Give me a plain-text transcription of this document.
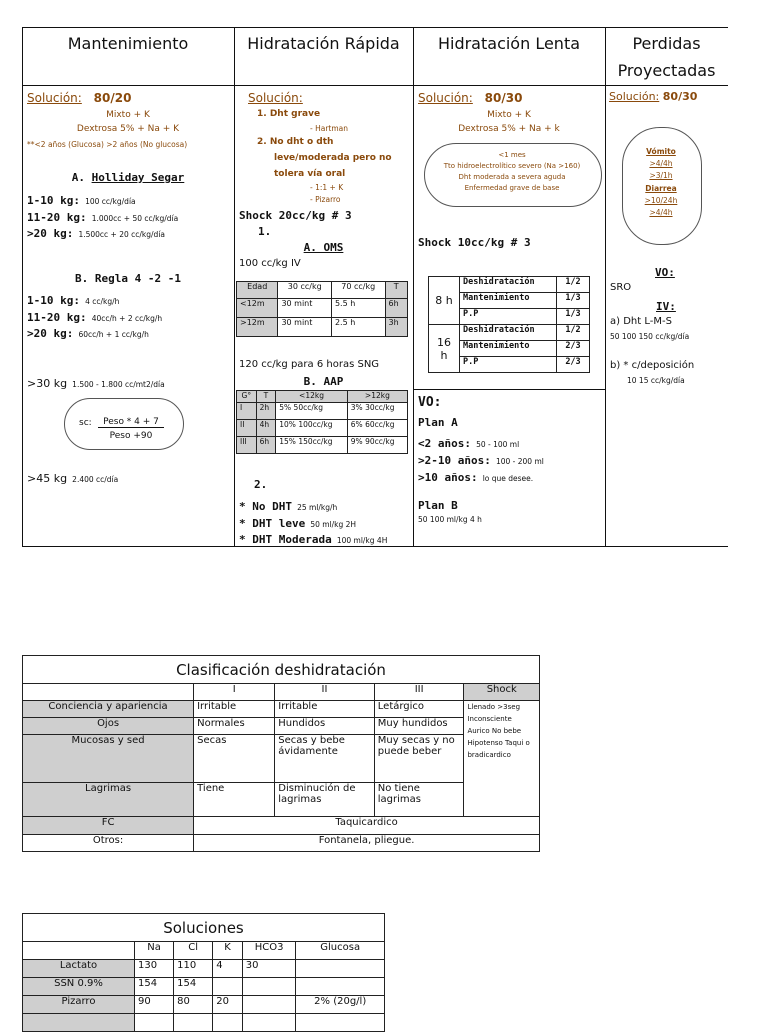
Mantenimiento	Hidratación Rápida	Hidratación Lenta	Perdidas
Proyectadas
Solución: 80/20
Mixto + K
Dextrosa 5% + Na + K
**<2 años (Glucosa) >2 años (No glucosa)
A. Holliday Segar
1-10 kg: 100 cc/kg/día
11-20 kg: 1.000cc + 50 cc/kg/día
>20 kg: 1.500cc + 20 cc/kg/día
B. Regla 4 -2 -1
1-10 kg: 4 cc/kg/h
11-20 kg: 40cc/h + 2 cc/kg/h
>20 kg: 60cc/h + 1 cc/kg/h
>30 kg 1.500 - 1.800 cc/mt2/día
sc:	Peso * 4 + 7
Peso +90
>45 kg 2.400 cc/día
Solución:
1. Dht grave
- Hartman
2. No dht o dth
leve/moderada pero no
tolera vía oral
- 1:1 + K
- Pizarro
Shock 20cc/kg # 3
1.
A. OMS
100 cc/kg IV
Edad	30 cc/kg	70 cc/kg	T
<12m	30 mint	5.5 h	6h
>12m	30 mint	2.5 h	3h
120 cc/kg para 6 horas SNG
B. AAP
G°	T	<12kg	>12kg
I	2h	5% 50cc/kg	3% 30cc/kg
II	4h	10% 100cc/kg	6% 60cc/kg
III	6h	15% 150cc/kg	9% 90cc/kg
2.
* No DHT 25 ml/kg/h
* DHT leve 50 ml/kg 2H
* DHT Moderada 100 ml/kg 4H
Solución: 80/30
Mixto + K
Dextrosa 5% + Na + k
<1 mes
Tto hidroelectrolítico severo (Na >160)
Dht moderada a severa aguda
Enfermedad grave de base
Shock 10cc/kg # 3
8 h	Deshidratación	1/2
	Mantenimiento	1/3
	P.P	1/3
16 h	Deshidratación	1/2
	Mantenimiento	2/3
	P.P	2/3
VO:
Plan A
<2 años: 50 - 100 ml
>2-10 años: 100 - 200 ml
>10 años: lo que desee.
Plan B
50 100 ml/kg 4 h
Solución: 80/30
Vómito
>4/4h
>3/1h
Diarrea
>10/24h
>4/4h
VO:
SRO
IV:
a) Dht L-M-S
50 100 150 cc/kg/día
b) * c/deposición
10 15 cc/kg/día
Clasificación deshidratación				
	I	II	III	Shock
Conciencia y apariencia	Irritable	Irritable	Letárgico	Llenado >3seg Inconsciente Aurico No bebe Hipotenso Taqui o bradicardico
Ojos	Normales	Hundidos	Muy hundidos	
Mucosas y sed	Secas	Secas y bebe ávidamente	Muy secas y no puede beber	
Lagrimas	Tiene	Disminución de lagrimas	No tiene lagrimas	
FC	Taquicardico			
Otros:	Fontanela, pliegue.			
Soluciones					
	Na	Cl	K	HCO3	Glucosa
Lactato	130	110	4	30	
SSN 0.9%	154	154			
Pizarro	90	80	20		2% (20g/l)
